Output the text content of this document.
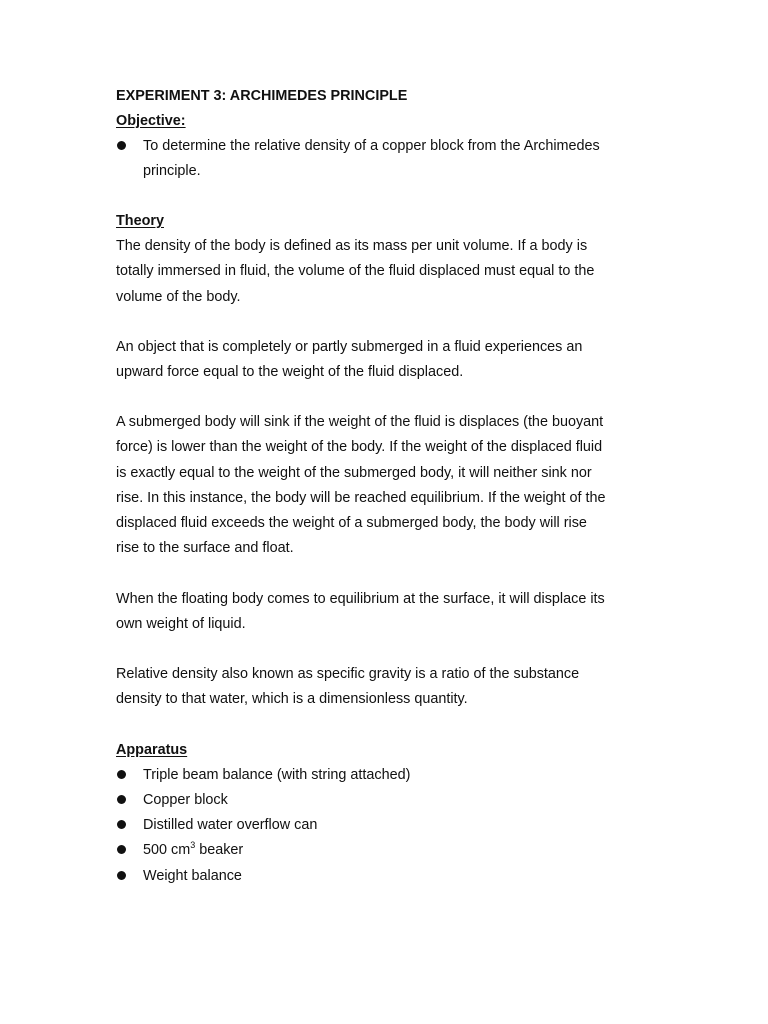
EXPERIMENT 3: ARCHIMEDES PRINCIPLE
Objective:
To determine the relative density of a copper block from the Archimedes
principle.
Theory
The density of the body is defined as its mass per unit volume. If a body is
totally immersed in fluid, the volume of the fluid displaced must equal to the
volume of the body.
An object that is completely or partly submerged in a fluid experiences an
upward force equal to the weight of the fluid displaced.
A submerged body will sink if the weight of the fluid is displaces (the buoyant
force) is lower than the weight of the body. If the weight of the displaced fluid
is exactly equal to the weight of the submerged body, it will neither sink nor
rise. In this instance, the body will be reached equilibrium. If the weight of the
displaced fluid exceeds the weight of a submerged body, the body will rise
rise to the surface and float.
When the floating body comes to equilibrium at the surface, it will displace its
own weight of liquid.
Relative density also known as specific gravity is a ratio of the substance
density to that water, which is a dimensionless quantity.
Apparatus
Triple beam balance (with string attached)
Copper block
Distilled water overflow can
500 $cm^3$ beaker
Weight balance
